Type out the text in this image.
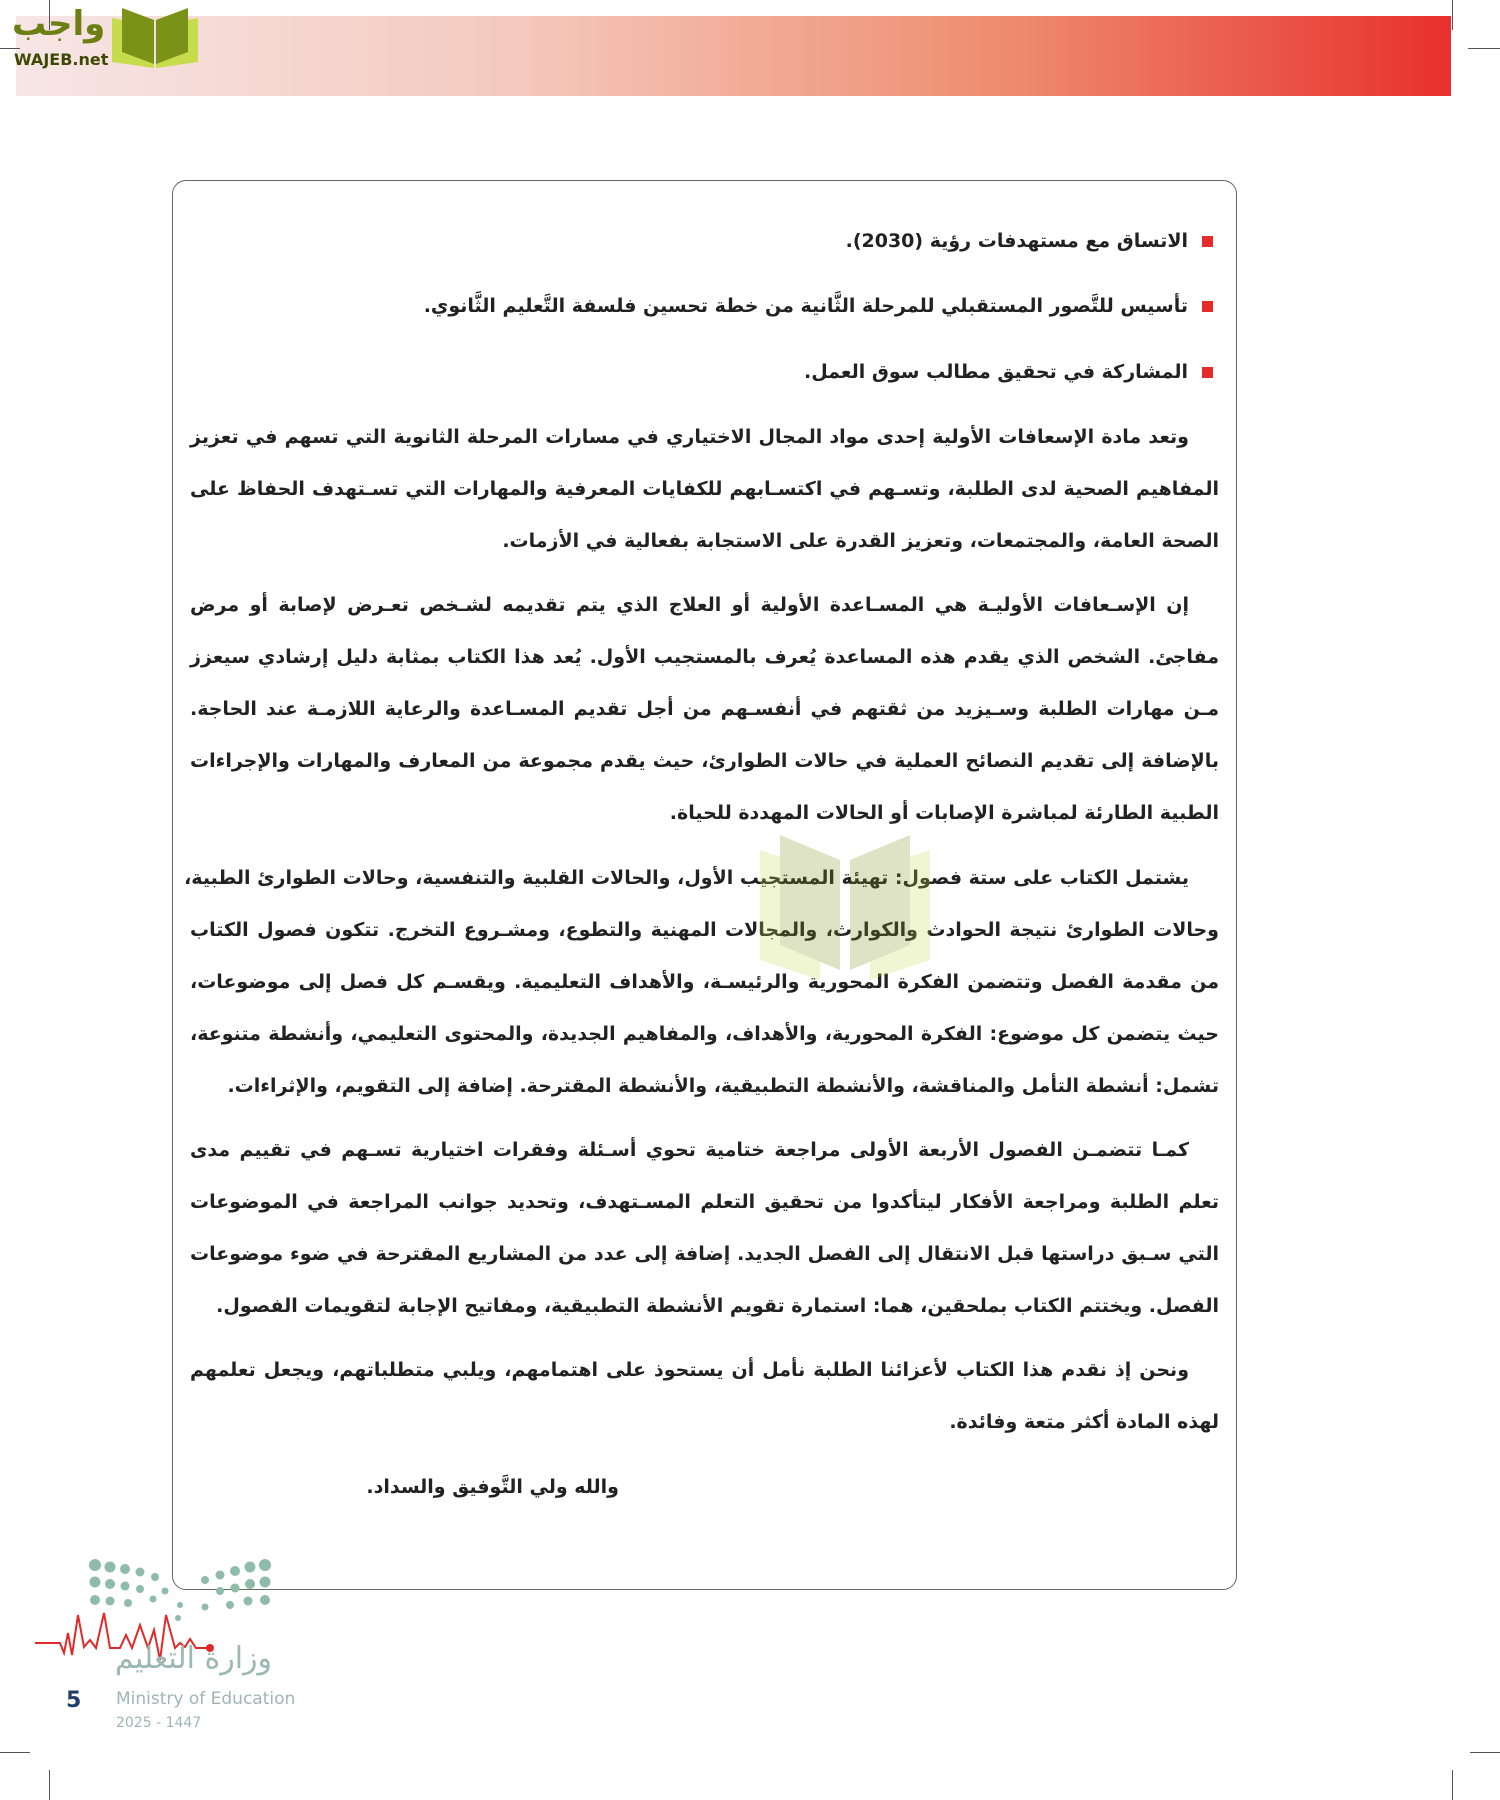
واجب
WAJEB.net
الاتساق مع مستهدفات رؤية (2030).
تأسيس للتَّصور المستقبلي للمرحلة الثَّانية من خطة تحسين فلسفة التَّعليم الثَّانوي.
المشاركة في تحقيق مطالب سوق العمل.
وتعد مادة الإسعافات الأولية إحدى مواد المجال الاختياري في مسارات المرحلة الثانوية التي تسهم في تعزيز
المفاهيم الصحية لدى الطلبة، وتسـهم في اكتسـابهم للكفايات المعرفية والمهارات التي تسـتهدف الحفاظ على
الصحة العامة، والمجتمعات، وتعزيز القدرة على الاستجابة بفعالية في الأزمات.
إن الإسـعافات الأوليـة هي المسـاعدة الأولية أو العلاج الذي يتم تقديمه لشـخص تعـرض لإصابة أو مرض
مفاجئ. الشخص الذي يقدم هذه المساعدة يُعرف بالمستجيب الأول. يُعد هذا الكتاب بمثابة دليل إرشادي سيعزز
مـن مهارات الطلبة وسـيزيد من ثقتهم في أنفسـهم من أجل تقديم المسـاعدة والرعاية اللازمـة عند الحاجة.
بالإضافة إلى تقديم النصائح العملية في حالات الطوارئ، حيث يقدم مجموعة من المعارف والمهارات والإجراءات
الطبية الطارئة لمباشرة الإصابات أو الحالات المهددة للحياة.
يشتمل الكتاب على ستة فصول: تهيئة المستجيب الأول، والحالات القلبية والتنفسية، وحالات الطوارئ الطبية،
وحالات الطوارئ نتيجة الحوادث والكوارث، والمجالات المهنية والتطوع، ومشـروع التخرج. تتكون فصول الكتاب
من مقدمة الفصل وتتضمن الفكرة المحورية والرئيسـة، والأهداف التعليمية. ويقسـم كل فصل إلى موضوعات،
حيث يتضمن كل موضوع: الفكرة المحورية، والأهداف، والمفاهيم الجديدة، والمحتوى التعليمي، وأنشطة متنوعة،
تشمل: أنشطة التأمل والمناقشة، والأنشطة التطبيقية، والأنشطة المقترحة. إضافة إلى التقويم، والإثراءات.
كمـا تتضمـن الفصول الأربعة الأولى مراجعة ختامية تحوي أسـئلة وفقرات اختيارية تسـهم في تقييم مدى
تعلم الطلبة ومراجعة الأفكار ليتأكدوا من تحقيق التعلم المسـتهدف، وتحديد جوانب المراجعة في الموضوعات
التي سـبق دراستها قبل الانتقال إلى الفصل الجديد. إضافة إلى عدد من المشاريع المقترحة في ضوء موضوعات
الفصل. ويختتم الكتاب بملحقين، هما: استمارة تقويم الأنشطة التطبيقية، ومفاتيح الإجابة لتقويمات الفصول.
ونحن إذ نقدم هذا الكتاب لأعزائنا الطلبة نأمل أن يستحوذ على اهتمامهم، ويلبي متطلباتهم، ويجعل تعلمهم
لهذه المادة أكثر متعة وفائدة.
والله ولي التَّوفيق والسداد.
وزارة التعليم
Ministry of Education
2025 - 1447
5
